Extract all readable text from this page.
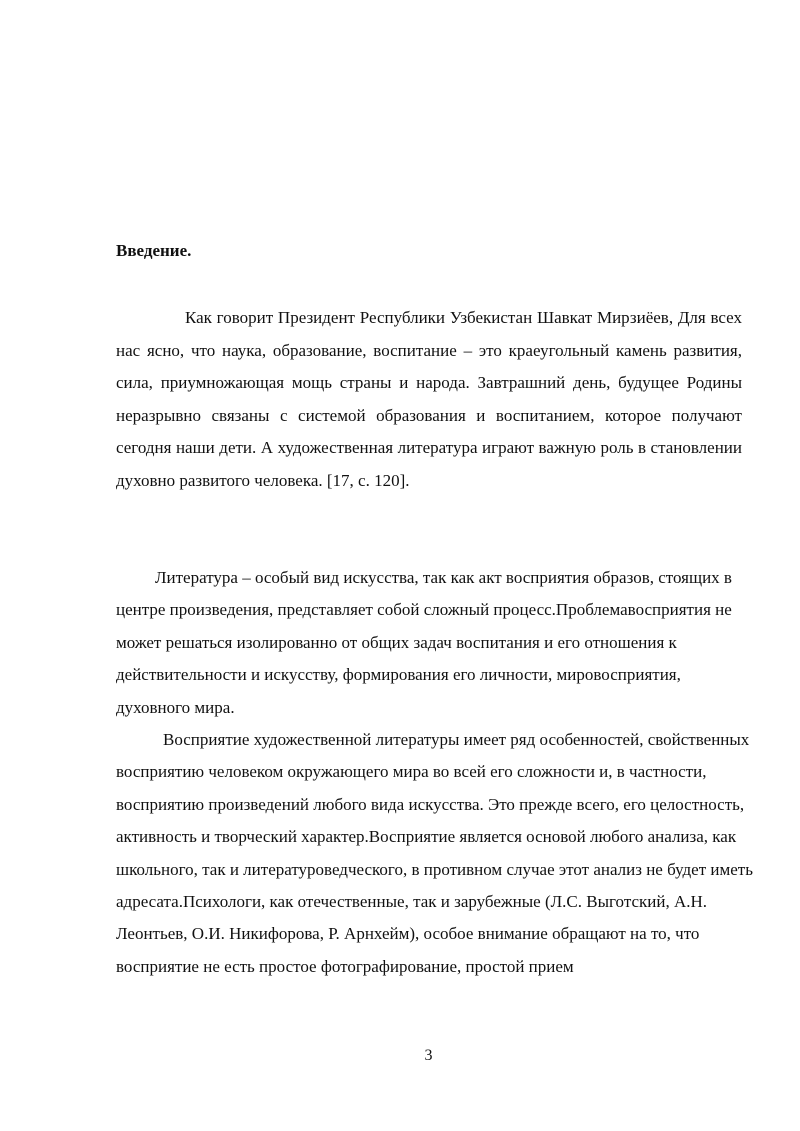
Введение.

Как говорит Президент Республики Узбекистан Шавкат Мирзиёев, Для всех нас ясно, что наука, образование, воспитание – это краеугольный камень развития, сила, приумножающая мощь страны и народа. Завтрашний день, будущее Родины неразрывно связаны с системой образования и воспитанием, которое получают сегодня наши дети. А художественная литература играют важную роль в становлении духовно развитого человека. [17, с. 120].

Литература – особый вид искусства, так как акт восприятия образов, стоящих в центре произведения, представляет собой сложный процесс.Проблемавосприятия не может решаться изолированно от общих задач воспитания и его отношения к действительности и искусству, формирования его личности, мировосприятия, духовного мира.

Восприятие художественной литературы имеет ряд особенностей, свойственных восприятию человеком окружающего мира во всей его сложности и, в частности, восприятию произведений любого вида искусства. Это прежде всего, его целостность, активность и творческий характер.Восприятие является основой любого анализа, как школьного, так и литературоведческого, в противном случае этот анализ не будет иметь адресата.Психологи, как отечественные, так и зарубежные (Л.С. Выготский, А.Н. Леонтьев, О.И. Никифорова, Р. Арнхейм), особое внимание обращают на то, что восприятие не есть простое фотографирование, простой прием

3
